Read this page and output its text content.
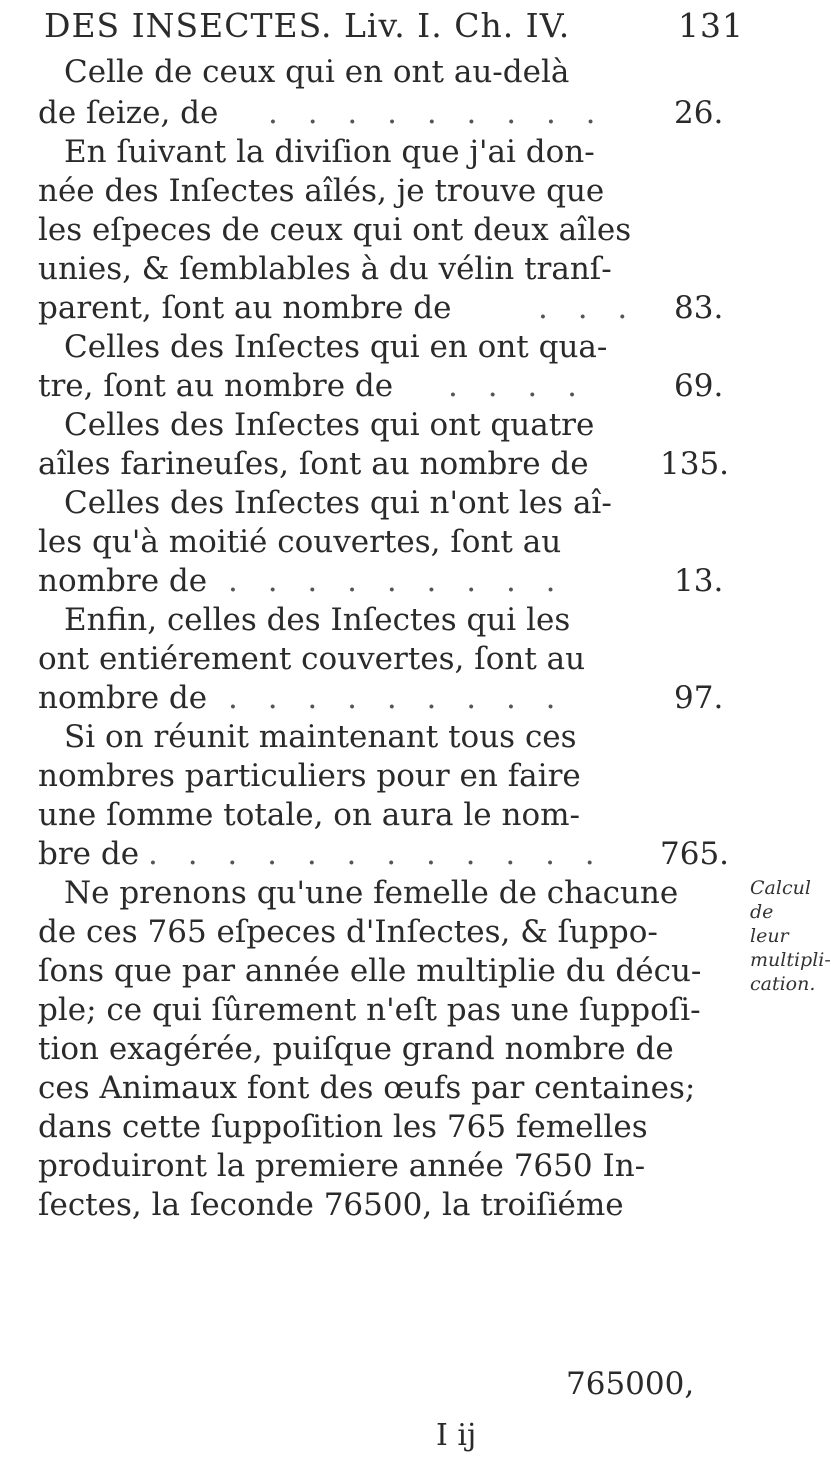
DES INSECTES. Liv. I. Ch. IV.	131
Celle de ceux qui en ont au-delà
de ſeize, de . . . . . . . . . 26.
En ſuivant la diviſion que j'ai don-
née des Inſectes aîlés, je trouve que
les eſpeces de ceux qui ont deux aîles
unies, & ſemblables à du vélin tranſ-
parent, ſont au nombre de	. . . 83.
Celles des Inſectes qui en ont qua-
tre, ſont au nombre de . . . .	69.
Celles des Inſectes qui ont quatre
aîles farineuſes, ſont au nombre de 135.
Celles des Inſectes qui n'ont les aî-
les qu'à moitié couvertes, ſont au
nombre de . . . . . . . . .	13.
Enfin, celles des Inſectes qui les
ont entiérement couvertes, ſont au
nombre de . . . . . . . . .	97.
Si on réunit maintenant tous ces
nombres particuliers pour en faire
une ſomme totale, on aura le nom-
bre de . . . . . . . . . . . . 765.
Ne prenons qu'une femelle de chacune
de ces 765 eſpeces d'Inſectes, & ſuppo-
ſons que par année elle multiplie du décu-
ple; ce qui ſûrement n'eſt pas une ſuppoſi-
tion exagérée, puiſque grand nombre de
ces Animaux font des œufs par centaines;
dans cette ſuppoſition les 765 femelles
produiront la premiere année 7650 In-
ſectes, la ſeconde 76500, la troiſiéme
765000,
Calcul
de leur
multipli-
cation.
I ij
